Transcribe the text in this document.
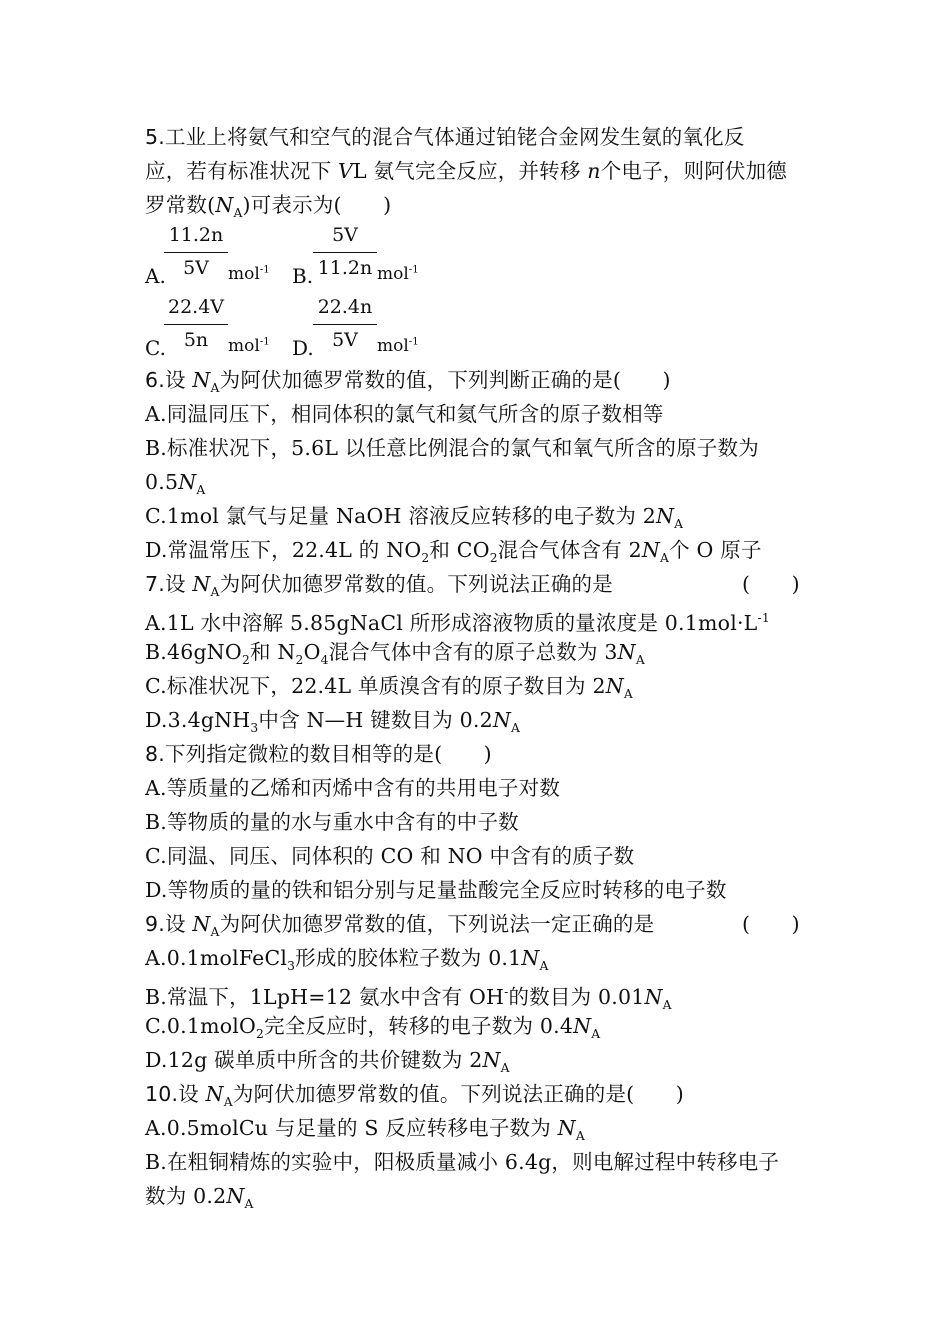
5.工业上将氨气和空气的混合气体通过铂铑合金网发生氨的氧化反
应，若有标准状况下 VL 氨气完全反应，并转移 n个电子，则阿伏加德
罗常数$(N_A)$可表示为(　　)
11.2n
5V
A.	mol$^{-1}$
5V
11.2n
B.	mol$^{-1}$
22.4V
5n
C.	mol$^{-1}$
22.4n
5V
D.	mol$^{-1}$
6.设 $N_A$为阿伏加德罗常数的值，下列判断正确的是(　　)
A.同温同压下，相同体积的氯气和氦气所含的原子数相等
B.标准状况下，5.6L 以任意比例混合的氯气和氧气所含的原子数为
$0.5N_A$
C.1mol 氯气与足量 NaOH 溶液反应转移的电子数为 $2N_A$
D.常温常压下，22.4L 的 $NO_2$和 $CO_2$混合气体含有 $2N_A$个 O 原子
7.设 $N_A$为阿伏加德罗常数的值。下列说法正确的是	(　　)
A.1L 水中溶解 5.85gNaCl 所形成溶液物质的量浓度是 $0.1mol\cdot L^{-1}$
B.46gNO$_2$和 $N_2O_4$混合气体中含有的原子总数为 $3N_A$
C.标准状况下，22.4L 单质溴含有的原子数目为 $2N_A$
D.3.4gNH$_3$中含 N—H 键数目为 $0.2N_A$
8.下列指定微粒的数目相等的是(　　)
A.等质量的乙烯和丙烯中含有的共用电子对数
B.等物质的量的水与重水中含有的中子数
C.同温、同压、同体积的 CO 和 NO 中含有的质子数
D.等物质的量的铁和铝分别与足量盐酸完全反应时转移的电子数
9.设 $N_A$为阿伏加德罗常数的值，下列说法一定正确的是	(　　)
A.0.1molFeCl$_3$形成的胶体粒子数为 $0.1N_A$
B.常温下，1LpH=12 氨水中含有 OH-的数目为 $0.01N_A$
C.0.1molO$_2$完全反应时，转移的电子数为 $0.4N_A$
D.12g 碳单质中所含的共价键数为 $2N_A$
10.设 $N_A$为阿伏加德罗常数的值。下列说法正确的是(　　)
A.0.5molCu 与足量的 S 反应转移电子数为 $N_A$
B.在粗铜精炼的实验中，阳极质量减小 6.4g，则电解过程中转移电子
数为 $0.2N_A$
